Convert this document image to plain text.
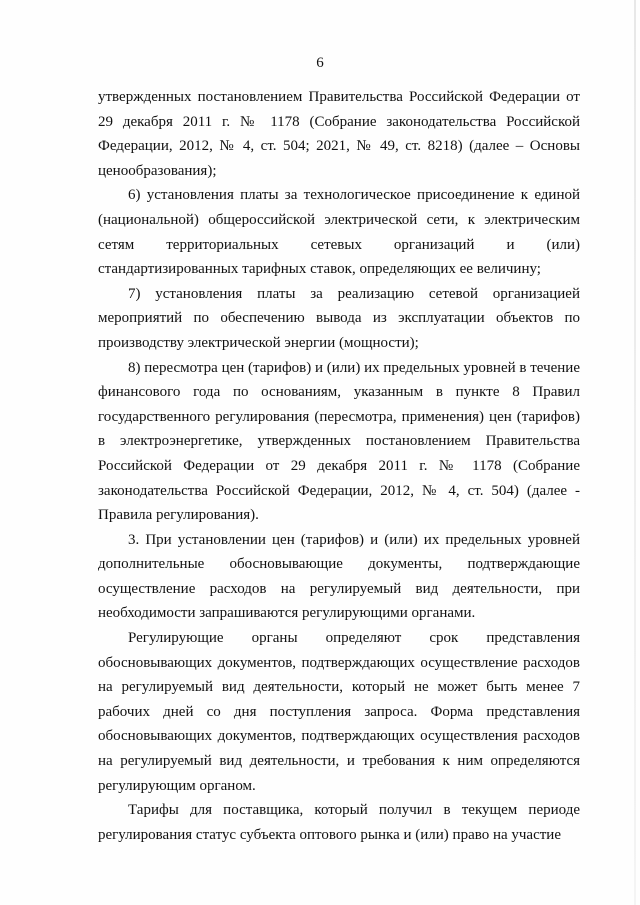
6

утвержденных постановлением Правительства Российской Федерации от 29 декабря 2011 г. № 1178 (Собрание законодательства Российской Федерации, 2012, № 4, ст. 504; 2021, № 49, ст. 8218) (далее – Основы ценообразования);

6) установления платы за технологическое присоединение к единой (национальной) общероссийской электрической сети, к электрическим сетям территориальных сетевых организаций и (или) стандартизированных тарифных ставок, определяющих ее величину;

7) установления платы за реализацию сетевой организацией мероприятий по обеспечению вывода из эксплуатации объектов по производству электрической энергии (мощности);

8) пересмотра цен (тарифов) и (или) их предельных уровней в течение финансового года по основаниям, указанным в пункте 8 Правил государственного регулирования (пересмотра, применения) цен (тарифов) в электроэнергетике, утвержденных постановлением Правительства Российской Федерации от 29 декабря 2011 г. № 1178 (Собрание законодательства Российской Федерации, 2012, № 4, ст. 504) (далее - Правила регулирования).

3. При установлении цен (тарифов) и (или) их предельных уровней дополнительные обосновывающие документы, подтверждающие осуществление расходов на регулируемый вид деятельности, при необходимости запрашиваются регулирующими органами.

Регулирующие органы определяют срок представления обосновывающих документов, подтверждающих осуществление расходов на регулируемый вид деятельности, который не может быть менее 7 рабочих дней со дня поступления запроса. Форма представления обосновывающих документов, подтверждающих осуществления расходов на регулируемый вид деятельности, и требования к ним определяются регулирующим органом.

Тарифы для поставщика, который получил в текущем периоде регулирования статус субъекта оптового рынка и (или) право на участие
